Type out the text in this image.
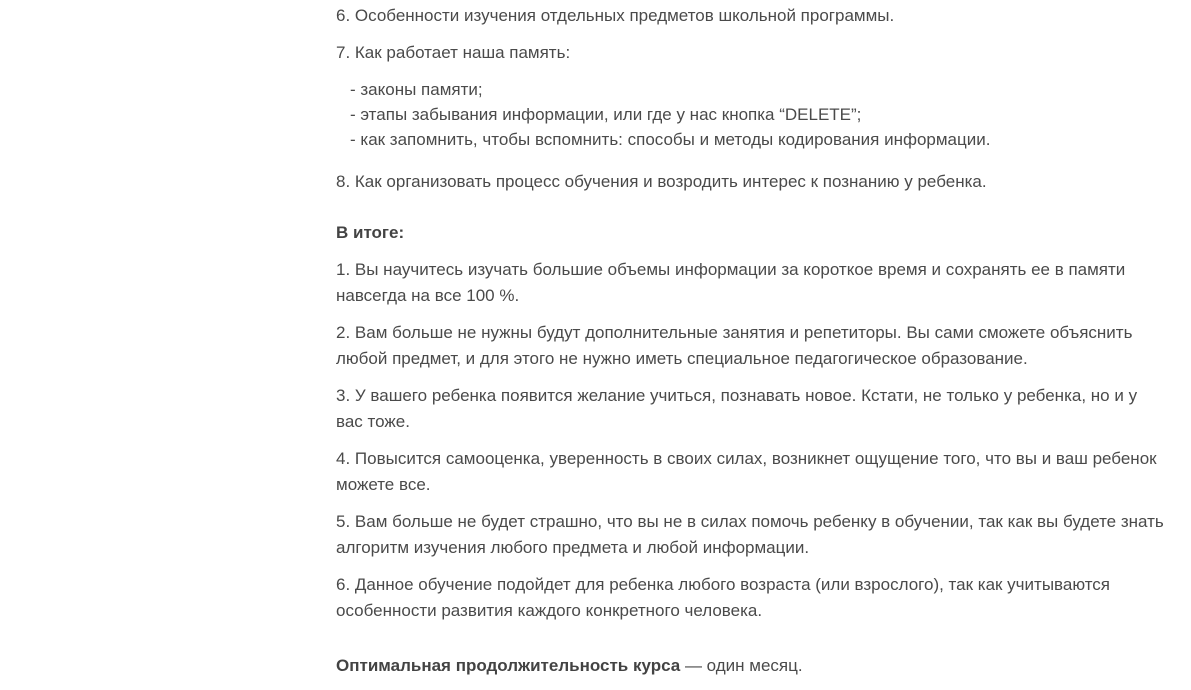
6. Особенности изучения отдельных предметов школьной программы.

7. Как работает наша память:

- законы памяти;

- этапы забывания информации, или где у нас кнопка “DELETE”;

- как запомнить, чтобы вспомнить: способы и методы кодирования информации.

8. Как организовать процесс обучения и возродить интерес к познанию у ребенка.

В итоге:

1. Вы научитесь изучать большие объемы информации за короткое время и сохранять ее в памяти навсегда на все 100 %.

2. Вам больше не нужны будут дополнительные занятия и репетиторы. Вы сами сможете объяснить любой предмет, и для этого не нужно иметь специальное педагогическое образование.

3. У вашего ребенка появится желание учиться, познавать новое. Кстати, не только у ребенка, но и у вас тоже.

4. Повысится самооценка, уверенность в своих силах, возникнет ощущение того, что вы и ваш ребенок можете все.

5. Вам больше не будет страшно, что вы не в силах помочь ребенку в обучении, так как вы будете знать алгоритм изучения любого предмета и любой информации.

6. Данное обучение подойдет для ребенка любого возраста (или взрослого), так как учитываются особенности развития каждого конкретного человека.

Оптимальная продолжительность курса — один месяц.
